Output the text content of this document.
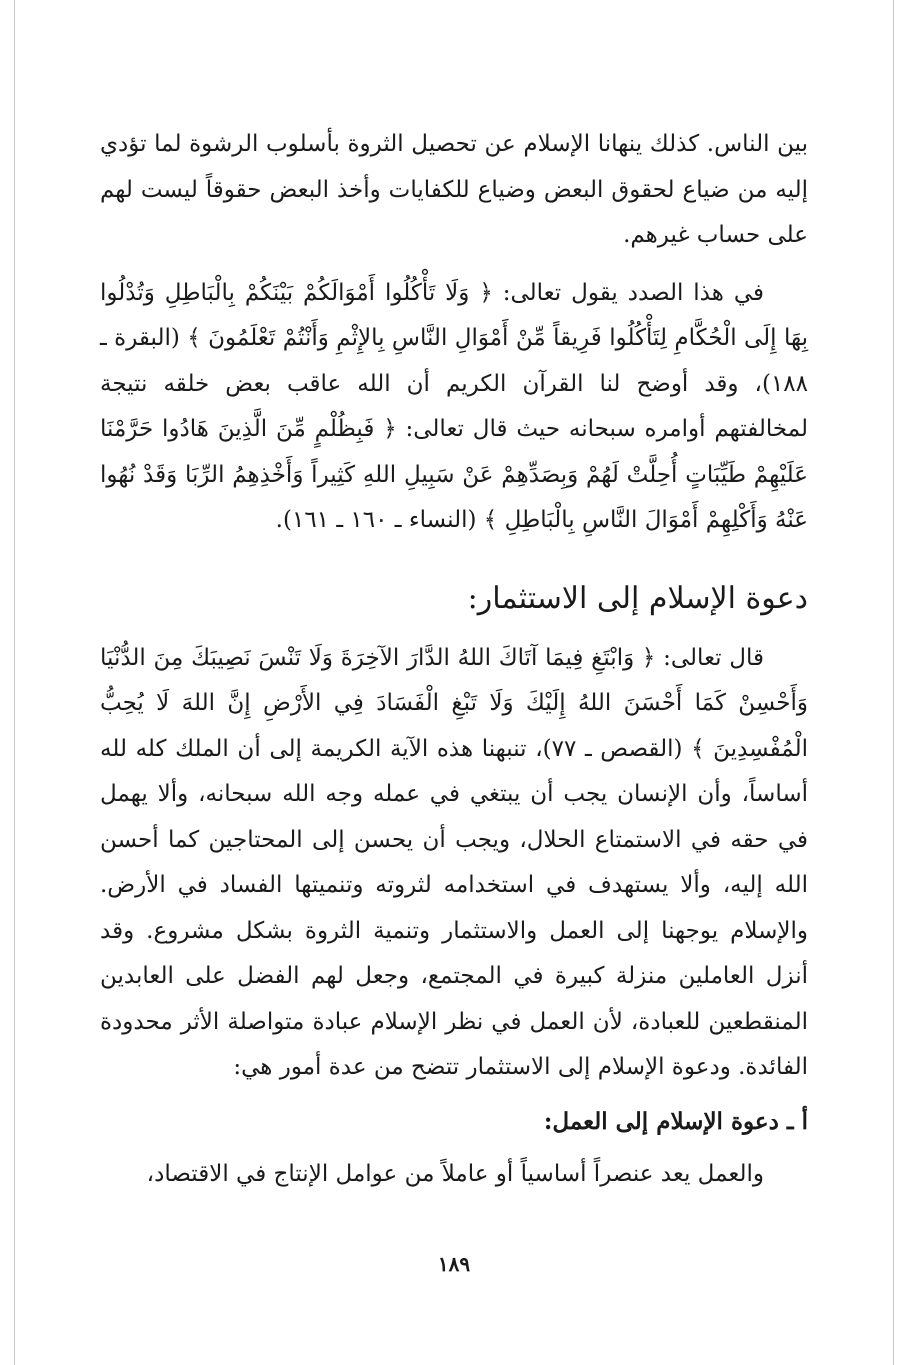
بين الناس. كذلك ينهانا الإسلام عن تحصيل الثروة بأسلوب الرشوة لما تؤدي إليه من ضياع لحقوق البعض وضياع للكفايات وأخذ البعض حقوقاً ليست لهم على حساب غيرهم.

في هذا الصدد يقول تعالى: ﴿ وَلَا تَأْكُلُوا أَمْوَالَكُمْ بَيْنَكُمْ بِالْبَاطِلِ وَتُدْلُوا بِهَا إِلَى الْحُكَّامِ لِتَأْكُلُوا فَرِيقاً مِّنْ أَمْوَالِ النَّاسِ بِالإِثْمِ وَأَنْتُمْ تَعْلَمُونَ ﴾ (البقرة ـ ١٨٨)، وقد أوضح لنا القرآن الكريم أن الله عاقب بعض خلقه نتيجة لمخالفتهم أوامره سبحانه حيث قال تعالى: ﴿ فَبِظُلْمٍ مِّنَ الَّذِينَ هَادُوا حَرَّمْنَا عَلَيْهِمْ طَيِّبَاتٍ أُحِلَّتْ لَهُمْ وَبِصَدِّهِمْ عَنْ سَبِيلِ اللهِ كَثِيراً وَأَخْذِهِمُ الرِّبَا وَقَدْ نُهُوا عَنْهُ وَأَكْلِهِمْ أَمْوَالَ النَّاسِ بِالْبَاطِلِ ﴾ (النساء ـ ١٦٠ ـ ١٦١).

دعوة الإسلام إلى الاستثمار:

قال تعالى: ﴿ وَابْتَغِ فِيمَا آتَاكَ اللهُ الدَّارَ الآخِرَةَ وَلَا تَنْسَ نَصِيبَكَ مِنَ الدُّنْيَا وَأَحْسِنْ كَمَا أَحْسَنَ اللهُ إِلَيْكَ وَلَا تَبْغِ الْفَسَادَ فِي الأَرْضِ إِنَّ اللهَ لَا يُحِبُّ الْمُفْسِدِينَ ﴾ (القصص ـ ٧٧)، تنبهنا هذه الآية الكريمة إلى أن الملك كله لله أساساً، وأن الإنسان يجب أن يبتغي في عمله وجه الله سبحانه، وألا يهمل في حقه في الاستمتاع الحلال، ويجب أن يحسن إلى المحتاجين كما أحسن الله إليه، وألا يستهدف في استخدامه لثروته وتنميتها الفساد في الأرض. والإسلام يوجهنا إلى العمل والاستثمار وتنمية الثروة بشكل مشروع. وقد أنزل العاملين منزلة كبيرة في المجتمع، وجعل لهم الفضل على العابدين المنقطعين للعبادة، لأن العمل في نظر الإسلام عبادة متواصلة الأثر محدودة الفائدة. ودعوة الإسلام إلى الاستثمار تتضح من عدة أمور هي:

أ ـ دعوة الإسلام إلى العمل:

والعمل يعد عنصراً أساسياً أو عاملاً من عوامل الإنتاج في الاقتصاد،

١٨٩
